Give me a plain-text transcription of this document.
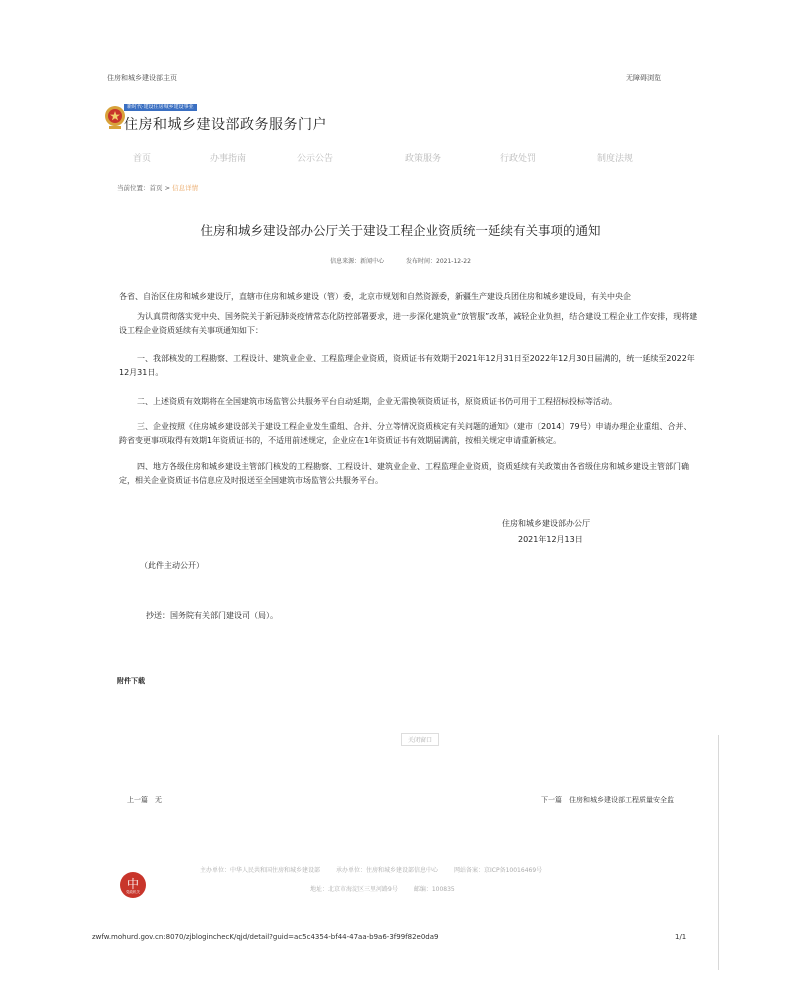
住房和城乡建设部主页	无障碍浏览
新时代·建设住房城乡建设事业
住房和城乡建设部政务服务门户
首页	办事指南	公示公告	政策服务	行政处罚	制度法规
当前位置：首页 > 信息详情
住房和城乡建设部办公厅关于建设工程企业资质统一延续有关事项的通知
信息来源：新闻中心	发布时间：2021-12-22
各省、自治区住房和城乡建设厅，直辖市住房和城乡建设（管）委，北京市规划和自然资源委，新疆生产建设兵团住房和城乡建设局，有关中央企
为认真贯彻落实党中央、国务院关于新冠肺炎疫情常态化防控部署要求，进一步深化建筑业“放管服”改革，减轻企业负担，结合建设工程企业工作安排，现将建设工程企业资质延续有关事项通知如下：
一、我部核发的工程勘察、工程设计、建筑业企业、工程监理企业资质，资质证书有效期于2021年12月31日至2022年12月30日届满的，统一延续至2022年12月31日。
二、上述资质有效期将在全国建筑市场监管公共服务平台自动延期，企业无需换领资质证书，原资质证书仍可用于工程招标投标等活动。
三、企业按照《住房城乡建设部关于建设工程企业发生重组、合并、分立等情况资质核定有关问题的通知》（建市〔2014〕79号）申请办理企业重组、合并、跨省变更事项取得有效期1年资质证书的，不适用前述规定，企业应在1年资质证书有效期届满前，按相关规定申请重新核定。
四、地方各级住房和城乡建设主管部门核发的工程勘察、工程设计、建筑业企业、工程监理企业资质，资质延续有关政策由各省级住房和城乡建设主管部门确定，相关企业资质证书信息应及时报送至全国建筑市场监管公共服务平台。
住房和城乡建设部办公厅
2021年12月13日
（此件主动公开）
抄送：国务院有关部门建设司（局）。
附件下载
关闭窗口
上一篇　无	下一篇　住房和城乡建设部工程质量安全监
中
党政机关
主办单位：中华人民共和国住房和城乡建设部	承办单位：住房和城乡建设部信息中心	网站备案：京ICP备10016469号
地址：北京市海淀区三里河路9号	邮编：100835
zwfw.mohurd.gov.cn:8070/zjbloginchecK/qjd/detail?guid=ac5c4354-bf44-47aa-b9a6-3f99f82e0da9	1/1
